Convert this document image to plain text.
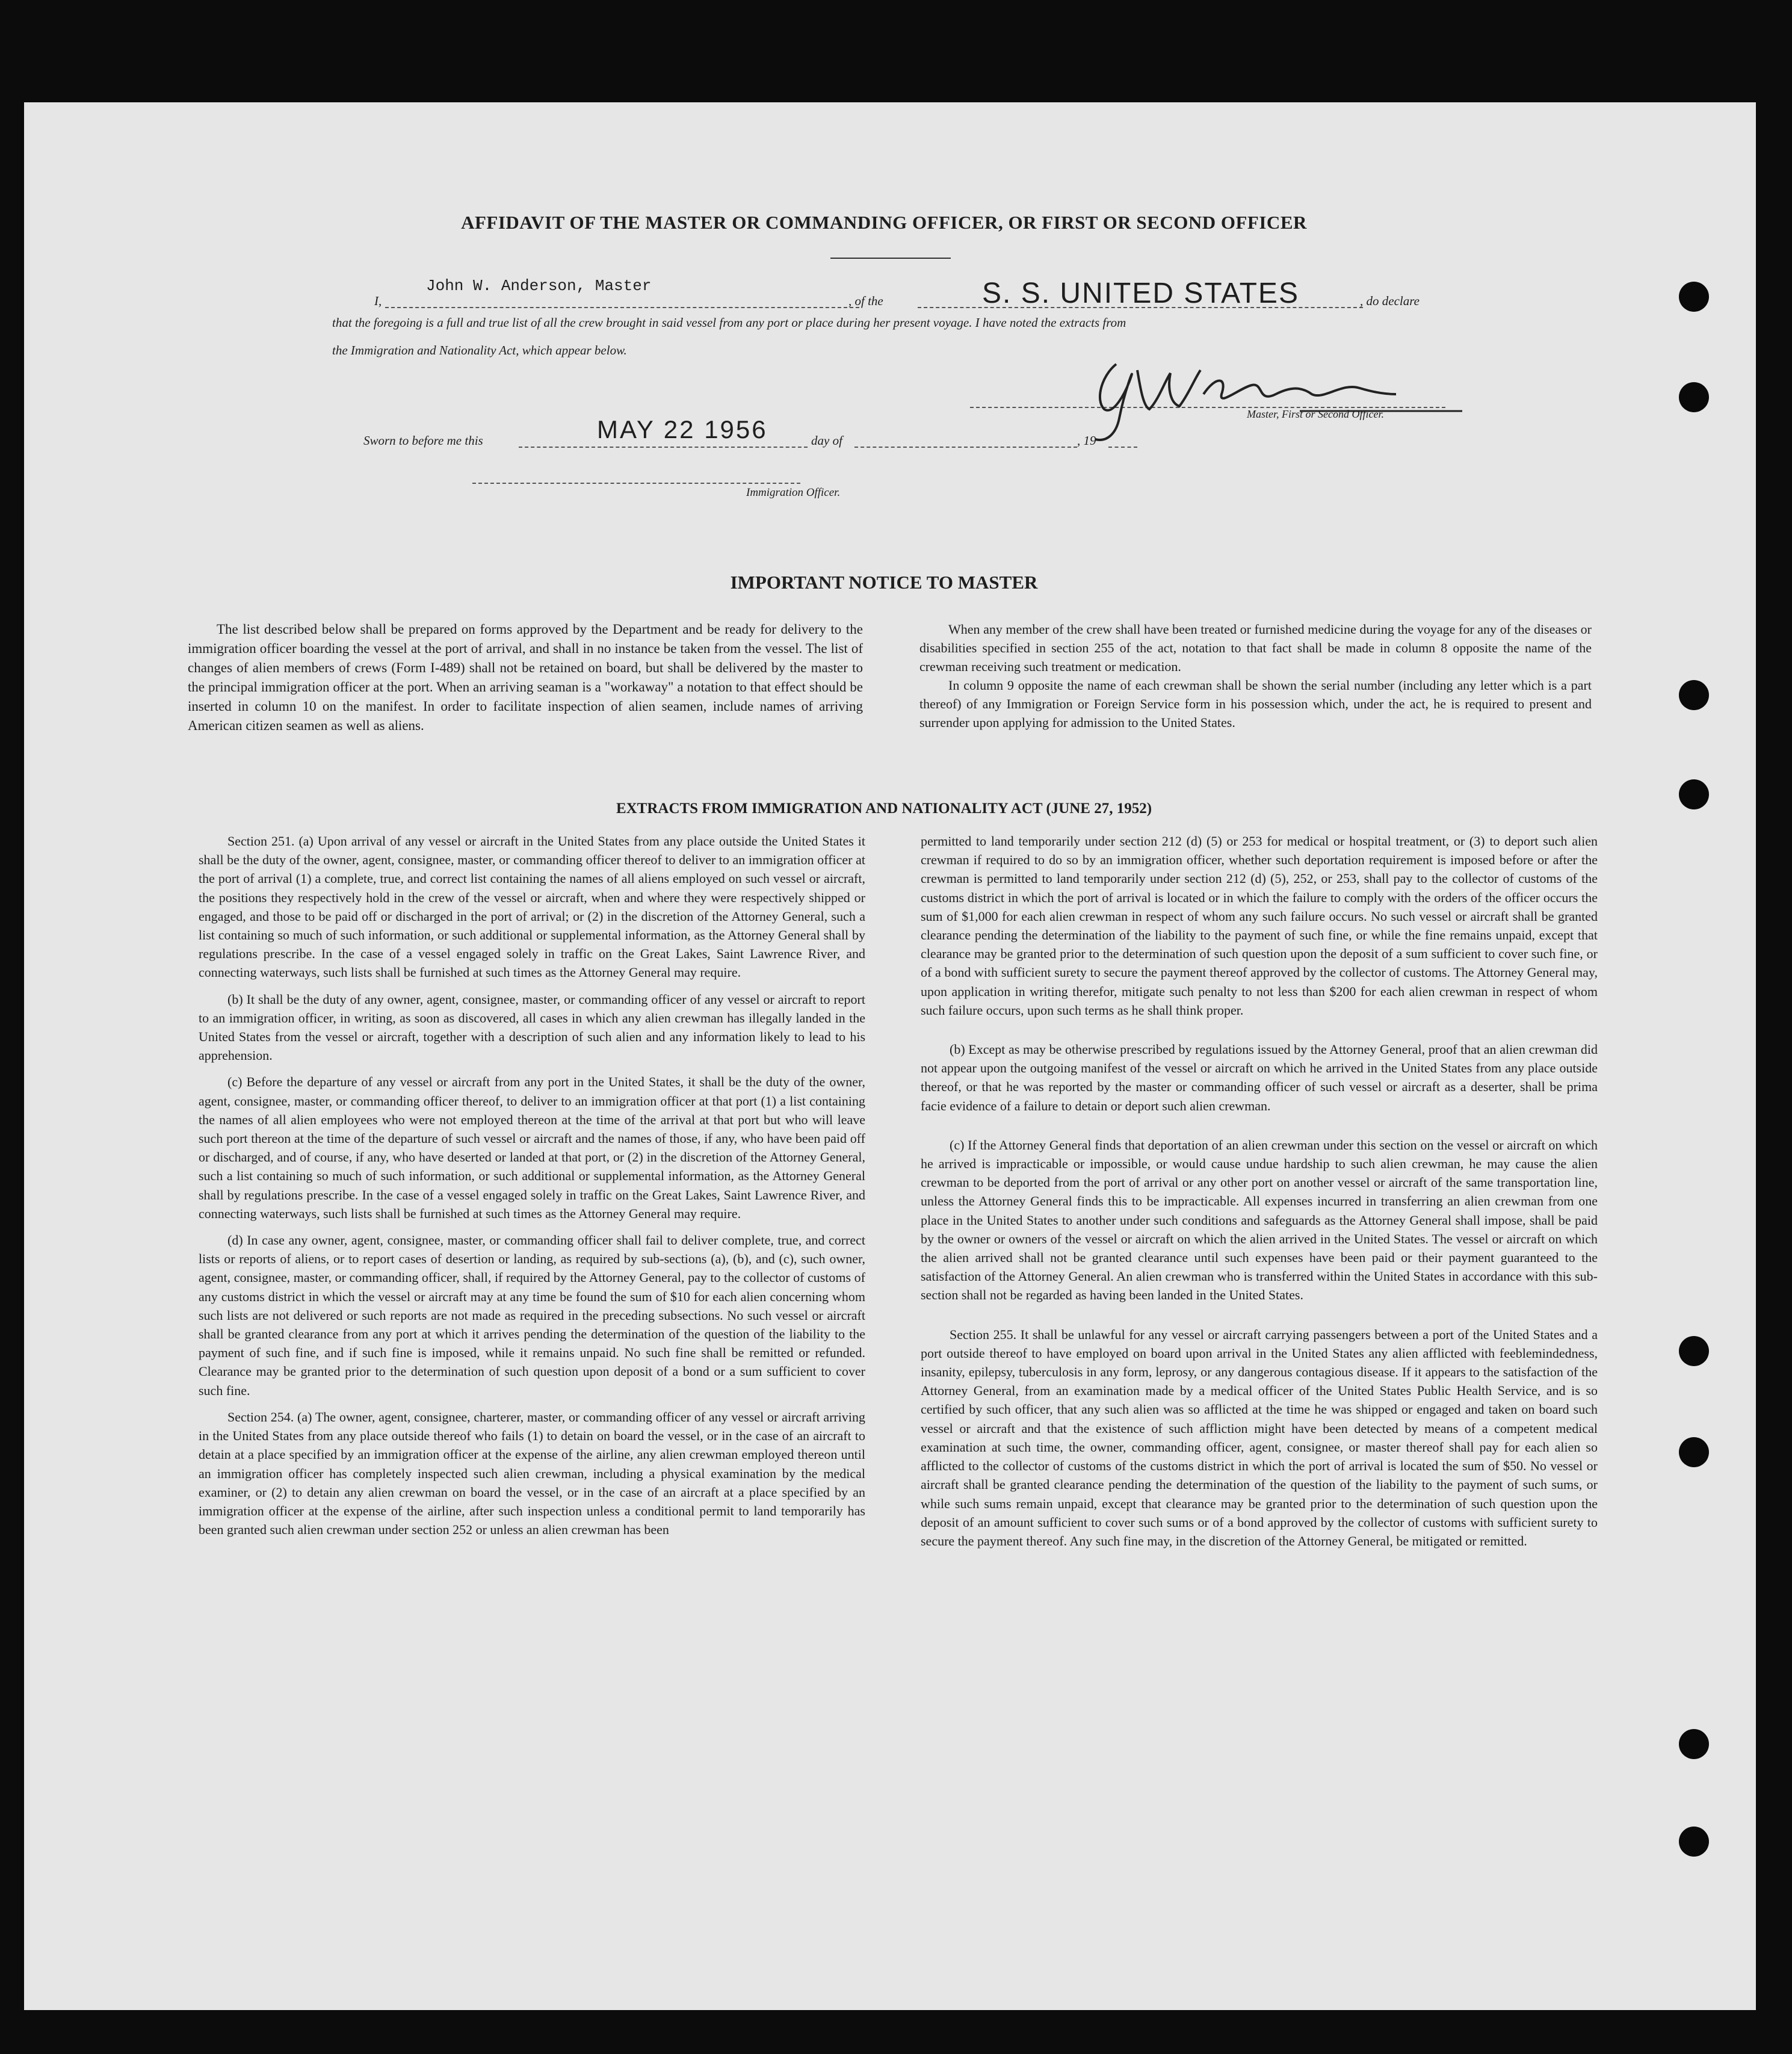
AFFIDAVIT OF THE MASTER OR COMMANDING OFFICER, OR FIRST OR SECOND OFFICER
I,
John W. Anderson, Master
, of the	S. S. UNITED STATES	, do declare
that the foregoing is a full and true list of all the crew brought in said vessel from any port or place during her present voyage. I have noted the extracts from
the Immigration and Nationality Act, which appear below.
Master, First or Second Officer.
Sworn to before me this	MAY 22 1956	day of	, 19
Immigration Officer.
IMPORTANT NOTICE TO MASTER

The list described below shall be prepared on forms approved by the Department and be ready for delivery to the immigration officer boarding the vessel at the port of arrival, and shall in no instance be taken from the vessel. The list of changes of alien members of crews (Form I-489) shall not be retained on board, but shall be delivered by the master to the principal immigration officer at the port. When an arriving seaman is a "workaway" a notation to that effect should be inserted in column 10 on the manifest. In order to facilitate inspection of alien seamen, include names of arriving American citizen seamen as well as aliens.

When any member of the crew shall have been treated or furnished medicine during the voyage for any of the diseases or disabilities specified in section 255 of the act, notation to that fact shall be made in column 8 opposite the name of the crewman receiving such treatment or medication.

In column 9 opposite the name of each crewman shall be shown the serial number (including any letter which is a part thereof) of any Immigration or Foreign Service form in his possession which, under the act, he is required to present and surrender upon applying for admission to the United States.

EXTRACTS FROM IMMIGRATION AND NATIONALITY ACT (JUNE 27, 1952)

Section 251. (a) Upon arrival of any vessel or aircraft in the United States from any place outside the United States it shall be the duty of the owner, agent, consignee, master, or commanding officer thereof to deliver to an immigration officer at the port of arrival (1) a complete, true, and correct list containing the names of all aliens employed on such vessel or aircraft, the positions they respectively hold in the crew of the vessel or aircraft, when and where they were respectively shipped or engaged, and those to be paid off or discharged in the port of arrival; or (2) in the discretion of the Attorney General, such a list containing so much of such information, or such additional or supplemental information, as the Attorney General shall by regulations prescribe. In the case of a vessel engaged solely in traffic on the Great Lakes, Saint Lawrence River, and connecting waterways, such lists shall be furnished at such times as the Attorney General may require.

(b) It shall be the duty of any owner, agent, consignee, master, or commanding officer of any vessel or aircraft to report to an immigration officer, in writing, as soon as discovered, all cases in which any alien crewman has illegally landed in the United States from the vessel or aircraft, together with a description of such alien and any information likely to lead to his apprehension.

(c) Before the departure of any vessel or aircraft from any port in the United States, it shall be the duty of the owner, agent, consignee, master, or commanding officer thereof, to deliver to an immigration officer at that port (1) a list containing the names of all alien employees who were not employed thereon at the time of the arrival at that port but who will leave such port thereon at the time of the departure of such vessel or aircraft and the names of those, if any, who have been paid off or discharged, and of course, if any, who have deserted or landed at that port, or (2) in the discretion of the Attorney General, such a list containing so much of such information, or such additional or supplemental information, as the Attorney General shall by regulations prescribe. In the case of a vessel engaged solely in traffic on the Great Lakes, Saint Lawrence River, and connecting waterways, such lists shall be furnished at such times as the Attorney General may require.

(d) In case any owner, agent, consignee, master, or commanding officer shall fail to deliver complete, true, and correct lists or reports of aliens, or to report cases of desertion or landing, as required by sub-sections (a), (b), and (c), such owner, agent, consignee, master, or commanding officer, shall, if required by the Attorney General, pay to the collector of customs of any customs district in which the vessel or aircraft may at any time be found the sum of $10 for each alien concerning whom such lists are not delivered or such reports are not made as required in the preceding subsections. No such vessel or aircraft shall be granted clearance from any port at which it arrives pending the determination of the question of the liability to the payment of such fine, and if such fine is imposed, while it remains unpaid. No such fine shall be remitted or refunded. Clearance may be granted prior to the determination of such question upon deposit of a bond or a sum sufficient to cover such fine.

Section 254. (a) The owner, agent, consignee, charterer, master, or commanding officer of any vessel or aircraft arriving in the United States from any place outside thereof who fails (1) to detain on board the vessel, or in the case of an aircraft to detain at a place specified by an immigration officer at the expense of the airline, any alien crewman employed thereon until an immigration officer has completely inspected such alien crewman, including a physical examination by the medical examiner, or (2) to detain any alien crewman on board the vessel, or in the case of an aircraft at a place specified by an immigration officer at the expense of the airline, after such inspection unless a conditional permit to land temporarily has been granted such alien crewman under section 252 or unless an alien crewman has been

permitted to land temporarily under section 212 (d) (5) or 253 for medical or hospital treatment, or (3) to deport such alien crewman if required to do so by an immigration officer, whether such deportation requirement is imposed before or after the crewman is permitted to land temporarily under section 212 (d) (5), 252, or 253, shall pay to the collector of customs of the customs district in which the port of arrival is located or in which the failure to comply with the orders of the officer occurs the sum of $1,000 for each alien crewman in respect of whom any such failure occurs. No such vessel or aircraft shall be granted clearance pending the determination of the liability to the payment of such fine, or while the fine remains unpaid, except that clearance may be granted prior to the determination of such question upon the deposit of a sum sufficient to cover such fine, or of a bond with sufficient surety to secure the payment thereof approved by the collector of customs. The Attorney General may, upon application in writing therefor, mitigate such penalty to not less than $200 for each alien crewman in respect of whom such failure occurs, upon such terms as he shall think proper.

(b) Except as may be otherwise prescribed by regulations issued by the Attorney General, proof that an alien crewman did not appear upon the outgoing manifest of the vessel or aircraft on which he arrived in the United States from any place outside thereof, or that he was reported by the master or commanding officer of such vessel or aircraft as a deserter, shall be prima facie evidence of a failure to detain or deport such alien crewman.

(c) If the Attorney General finds that deportation of an alien crewman under this section on the vessel or aircraft on which he arrived is impracticable or impossible, or would cause undue hardship to such alien crewman, he may cause the alien crewman to be deported from the port of arrival or any other port on another vessel or aircraft of the same transportation line, unless the Attorney General finds this to be impracticable. All expenses incurred in transferring an alien crewman from one place in the United States to another under such conditions and safeguards as the Attorney General shall impose, shall be paid by the owner or owners of the vessel or aircraft on which the alien arrived in the United States. The vessel or aircraft on which the alien arrived shall not be granted clearance until such expenses have been paid or their payment guaranteed to the satisfaction of the Attorney General. An alien crewman who is transferred within the United States in accordance with this sub-section shall not be regarded as having been landed in the United States.

Section 255. It shall be unlawful for any vessel or aircraft carrying passengers between a port of the United States and a port outside thereof to have employed on board upon arrival in the United States any alien afflicted with feeblemindedness, insanity, epilepsy, tuberculosis in any form, leprosy, or any dangerous contagious disease. If it appears to the satisfaction of the Attorney General, from an examination made by a medical officer of the United States Public Health Service, and is so certified by such officer, that any such alien was so afflicted at the time he was shipped or engaged and taken on board such vessel or aircraft and that the existence of such affliction might have been detected by means of a competent medical examination at such time, the owner, commanding officer, agent, consignee, or master thereof shall pay for each alien so afflicted to the collector of customs of the customs district in which the port of arrival is located the sum of $50. No vessel or aircraft shall be granted clearance pending the determination of the question of the liability to the payment of such sums, or while such sums remain unpaid, except that clearance may be granted prior to the determination of such question upon the deposit of an amount sufficient to cover such sums or of a bond approved by the collector of customs with sufficient surety to secure the payment thereof. Any such fine may, in the discretion of the Attorney General, be mitigated or remitted.
